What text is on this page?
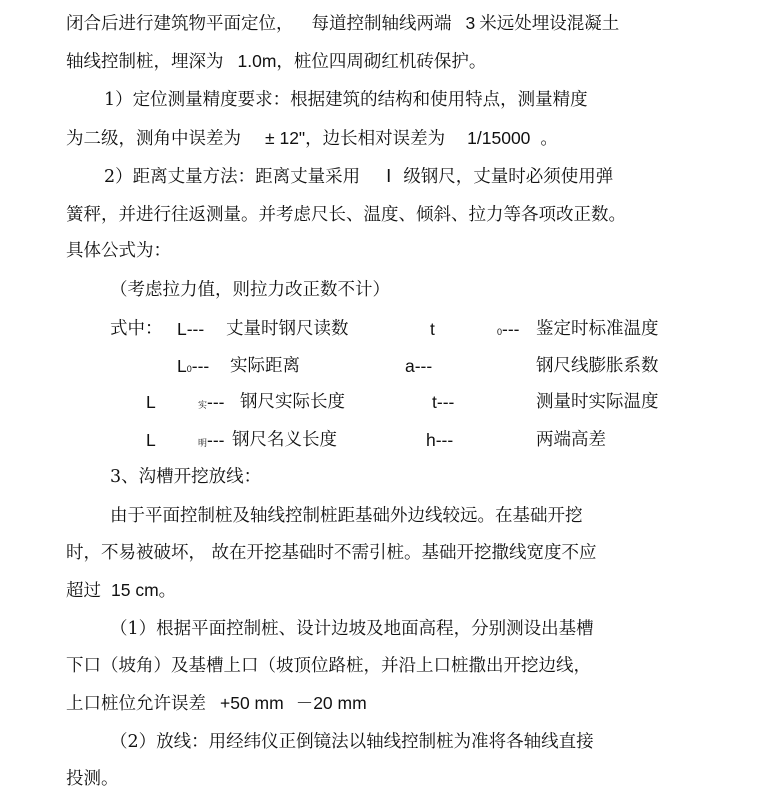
闭合后进行建筑物平面定位， 每道控制轴线两端 3 米远处埋设混凝土
轴线控制桩，埋深为 1.0m，桩位四周砌红机砖保护。
1）定位测量精度要求：根据建筑的结构和使用特点，测量精度
为二级，测角中误差为 ± 12"，边长相对误差为 1/15000 。
2）距离丈量方法：距离丈量采用 Ⅰ 级钢尺，丈量时必须使用弹
簧秤，并进行往返测量。并考虑尺长、温度、倾斜、拉力等各项改正数。
具体公式为：
（考虑拉力值，则拉力改正数不计）
式中： L--- 丈量时钢尺读数	t	0--- 鉴定时标准温度
L0--- 实际距离	a---	钢尺线膨胀系数
L	实--- 钢尺实际长度	t---	测量时实际温度
L	明--- 钢尺名义长度	h---	两端高差
3、沟槽开挖放线：
由于平面控制桩及轴线控制桩距基础外边线较远。在基础开挖
时，不易被破坏， 故在开挖基础时不需引桩。基础开挖撒线宽度不应
超过 15 cm。
（1）根据平面控制桩、设计边坡及地面高程，分别测设出基槽
下口（坡角）及基槽上口（坡顶位路桩，并沿上口桩撒出开挖边线，
上口桩位允许误差 +50 mm －20 mm
（2）放线：用经纬仪正倒镜法以轴线控制桩为准将各轴线直接
投测。
